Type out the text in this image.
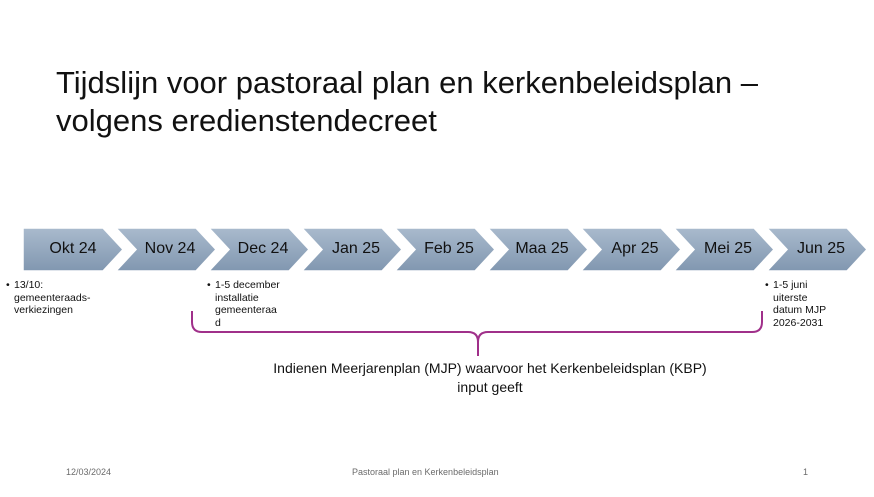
Tijdslijn voor pastoraal plan en kerkenbeleidsplan –
volgens eredienstendecreet
Okt 24	Nov 24	Dec 24	Jan 25	Feb 25	Maa 25	Apr 25	Mei 25	Jun 25
• 13/10:
gemeenteraads-
verkiezingen
• 1-5 december
installatie
gemeenteraa
d
• 1-5 juni
uiterste
datum MJP
2026-2031
Indienen Meerjarenplan (MJP) waarvoor het Kerkenbeleidsplan (KBP)
input geeft
12/03/2024	Pastoraal plan en Kerkenbeleidsplan	1
